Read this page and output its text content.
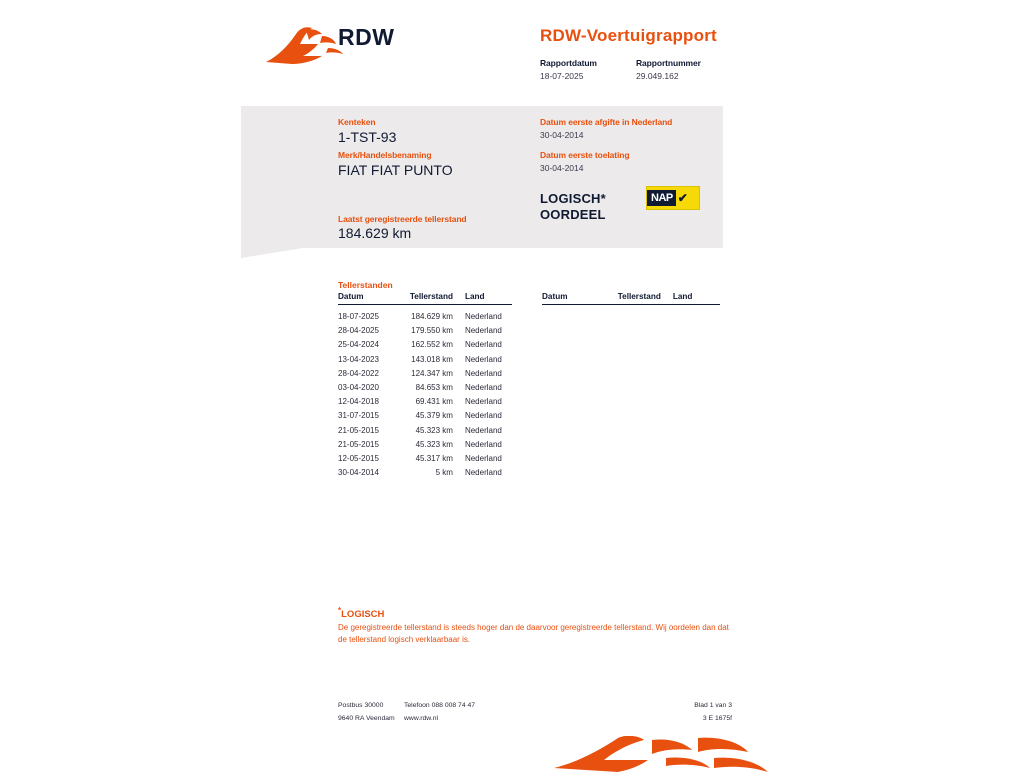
RDW	RDW-Voertuigrapport
Rapportdatum
18-07-2025
Rapportnummer
29.049.162
Kenteken
1-TST-93
Merk/Handelsbenaming
FIAT FIAT PUNTO
Laatst geregistreerde tellerstand
184.629 km
Datum eerste afgifte in Nederland
30-04-2014
Datum eerste toelating
30-04-2014
LOGISCH*
OORDEEL
NAP ✔
Tellerstanden
Datum	Tellerstand	Land
18-07-2025	184.629 km	Nederland
28-04-2025	179.550 km	Nederland
25-04-2024	162.552 km	Nederland
13-04-2023	143.018 km	Nederland
28-04-2022	124.347 km	Nederland
03-04-2020	84.653 km	Nederland
12-04-2018	69.431 km	Nederland
31-07-2015	45.379 km	Nederland
21-05-2015	45.323 km	Nederland
21-05-2015	45.323 km	Nederland
12-05-2015	45.317 km	Nederland
30-04-2014	5 km	Nederland
Datum	Tellerstand	Land
*LOGISCH
De geregistreerde tellerstand is steeds hoger dan de daarvoor geregistreerde tellerstand. Wij oordelen dan dat de tellerstand logisch verklaarbaar is.
Postbus 30000	Telefoon 088 008 74 47
9640 RA Veendam	www.rdw.nl
Blad 1 van 3
3 E 1675f
